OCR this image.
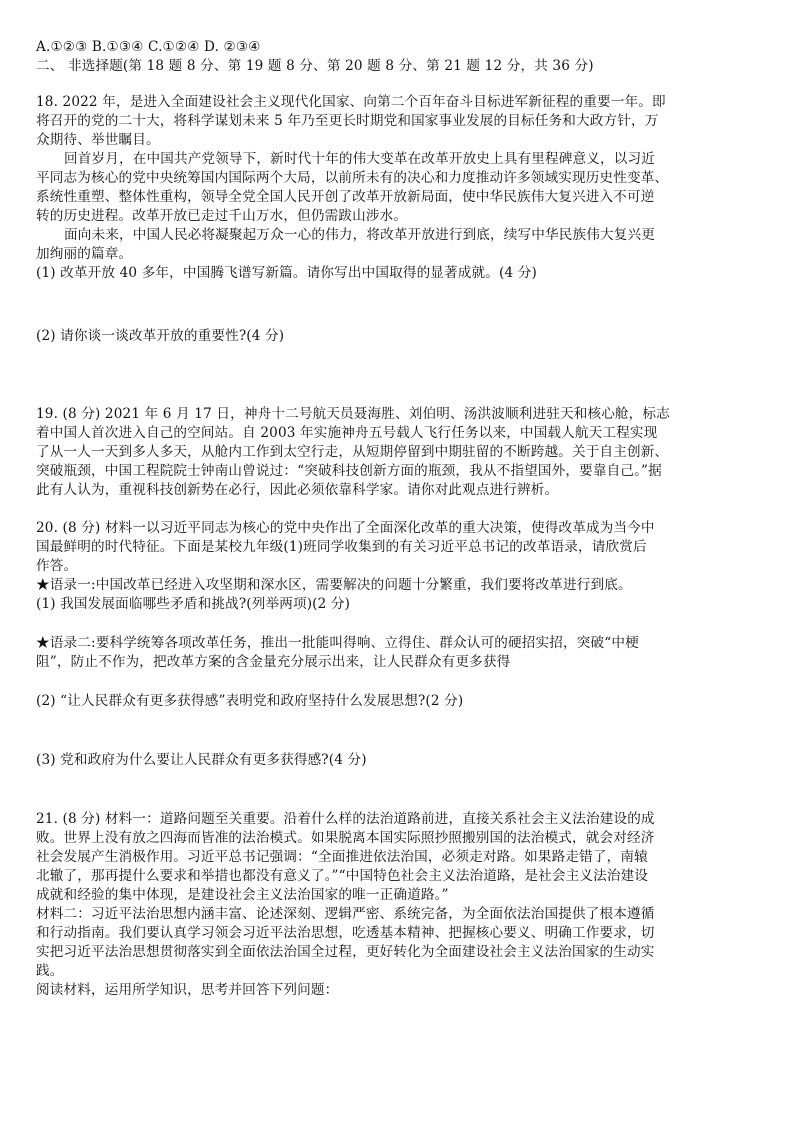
A.①②③ B.①③④ C.①②④ D. ②③④
二、 非选择题(第 18 题 8 分、第 19 题 8 分、第 20 题 8 分、第 21 题 12 分，共 36 分)
18. 2022 年，是进入全面建设社会主义现代化国家、向第二个百年奋斗目标进军新征程的重要一年。即
将召开的党的二十大，将科学谋划未来 5 年乃至更长时期党和国家事业发展的目标任务和大政方针，万
众期待、举世瞩目。
回首岁月，在中国共产党领导下，新时代十年的伟大变革在改革开放史上具有里程碑意义，以习近
平同志为核心的党中央统筹国内国际两个大局，以前所未有的决心和力度推动许多领域实现历史性变革、
系统性重塑、整体性重构，领导全党全国人民开创了改革开放新局面，使中华民族伟大复兴进入不可逆
转的历史进程。改革开放已走过千山万水，但仍需跋山涉水。
面向未来，中国人民必将凝聚起万众一心的伟力，将改革开放进行到底，续写中华民族伟大复兴更
加绚丽的篇章。
(1) 改革开放 40 多年，中国腾飞谱写新篇。请你写出中国取得的显著成就。(4 分)
(2) 请你谈一谈改革开放的重要性?(4 分)
19. (8 分) 2021 年 6 月 17 日，神舟十二号航天员聂海胜、刘伯明、汤洪波顺利进驻天和核心舱，标志
着中国人首次进入自己的空间站。自 2003 年实施神舟五号载人飞行任务以来，中国载人航天工程实现
了从一人一天到多人多天，从舱内工作到太空行走，从短期停留到中期驻留的不断跨越。关于自主创新、
突破瓶颈，中国工程院院士钟南山曾说过：“突破科技创新方面的瓶颈，我从不指望国外，要靠自己。”据
此有人认为，重视科技创新势在必行，因此必须依靠科学家。请你对此观点进行辨析。
20. (8 分) 材料一以习近平同志为核心的党中央作出了全面深化改革的重大决策，使得改革成为当今中
国最鲜明的时代特征。下面是某校九年级(1)班同学收集到的有关习近平总书记的改革语录，请欣赏后
作答。
★语录一:中国改革已经进入攻坚期和深水区，需要解决的问题十分繁重，我们要将改革进行到底。
(1) 我国发展面临哪些矛盾和挑战?(列举两项)(2 分)
★语录二:要科学统筹各项改革任务，推出一批能叫得响、立得住、群众认可的硬招实招，突破“中梗
阻”，防止不作为，把改革方案的含金量充分展示出来，让人民群众有更多获得
(2) “让人民群众有更多获得感”表明党和政府坚持什么发展思想?(2 分)
(3) 党和政府为什么要让人民群众有更多获得感?(4 分)
21. (8 分) 材料一：道路问题至关重要。沿着什么样的法治道路前进，直接关系社会主义法治建设的成
败。世界上没有放之四海而皆准的法治模式。如果脱离本国实际照抄照搬别国的法治模式，就会对经济
社会发展产生消极作用。习近平总书记强调：“全面推进依法治国，必须走对路。如果路走错了，南辕
北辙了，那再提什么要求和举措也都没有意义了。”“中国特色社会主义法治道路，是社会主义法治建设
成就和经验的集中体现，是建设社会主义法治国家的唯一正确道路。”
材料二：习近平法治思想内涵丰富、论述深刻、逻辑严密、系统完备，为全面依法治国提供了根本遵循
和行动指南。我们要认真学习领会习近平法治思想，吃透基本精神、把握核心要义、明确工作要求，切
实把习近平法治思想贯彻落实到全面依法治国全过程，更好转化为全面建设社会主义法治国家的生动实
践。
阅读材料，运用所学知识，思考并回答下列问题：
